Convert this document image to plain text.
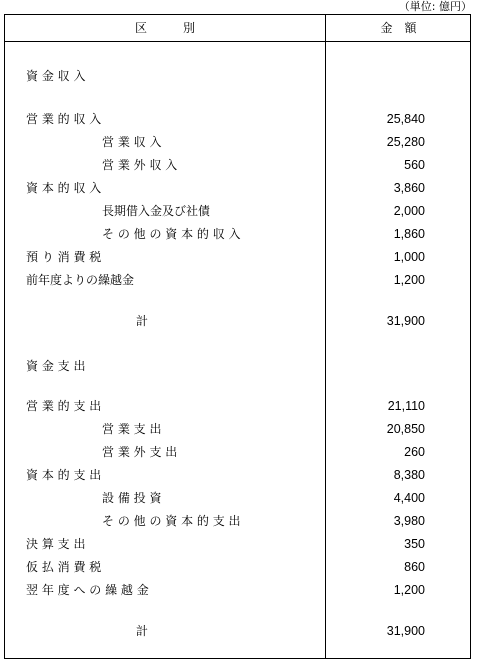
（単位: 億円）
区　　　別	金　額
資 金 収 入
営 業 的 収 入	25,840
営 業 収 入	25,280
営 業 外 収 入	560
資 本 的 収 入	3,860
長期借入金及び社債	2,000
そ の 他 の 資 本 的 収 入	1,860
預 り 消 費 税	1,000
前年度よりの繰越金	1,200
計	31,900
資 金 支 出
営 業 的 支 出	21,110
営 業 支 出	20,850
営 業 外 支 出	260
資 本 的 支 出	8,380
設 備 投 資	4,400
そ の 他 の 資 本 的 支 出	3,980
決 算 支 出	350
仮 払 消 費 税	860
翌 年 度 へ の 繰 越 金	1,200
計	31,900
